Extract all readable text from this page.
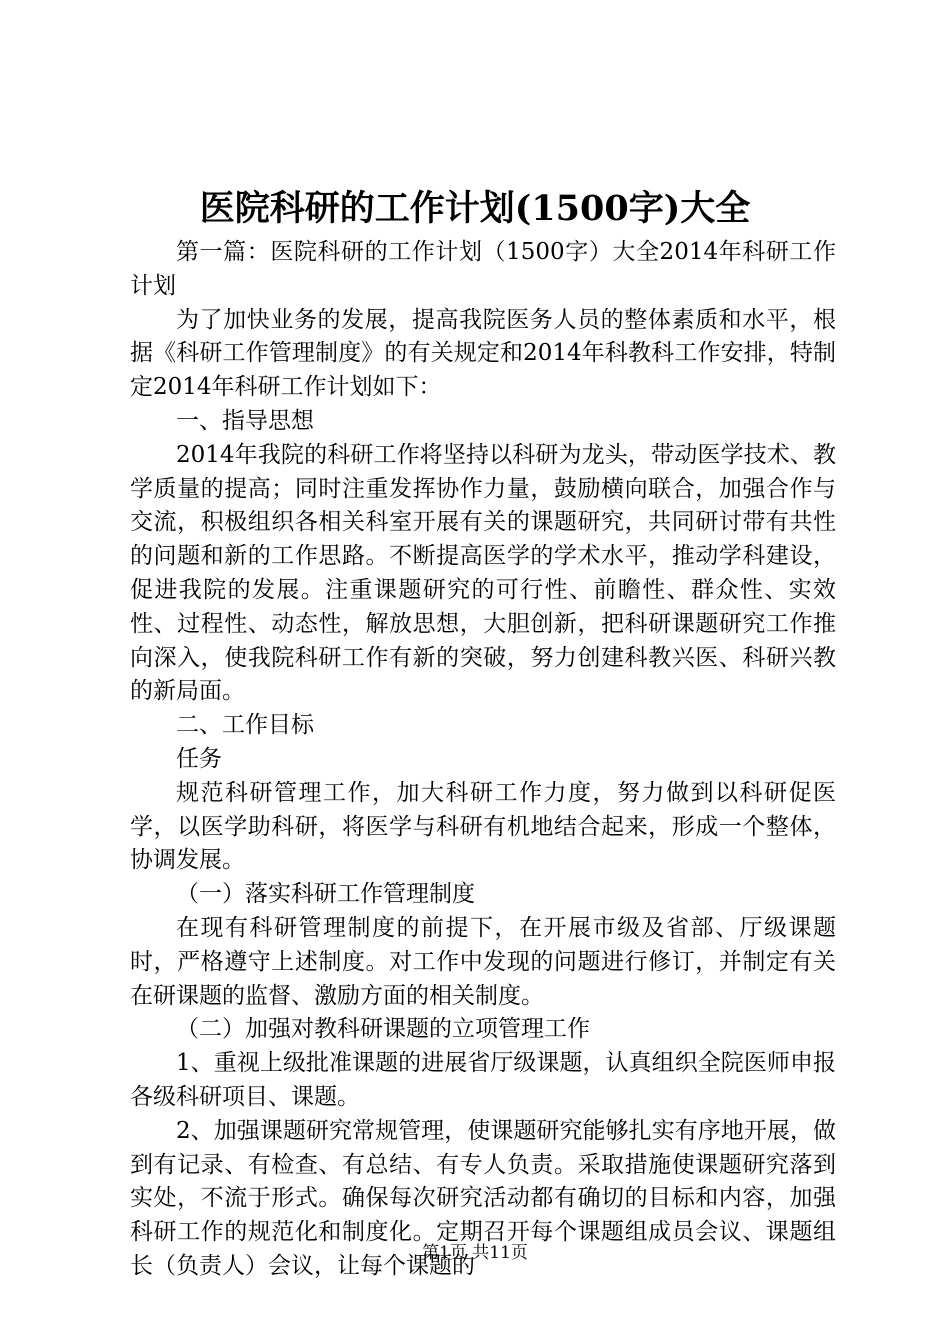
医院科研的工作计划(1500字)大全

第一篇：医院科研的工作计划（1500字）大全2014年科研工作计划

为了加快业务的发展，提高我院医务人员的整体素质和水平，根据《科研工作管理制度》的有关规定和2014年科教科工作安排，特制定2014年科研工作计划如下：

一、指导思想

2014年我院的科研工作将坚持以科研为龙头，带动医学技术、教学质量的提高；同时注重发挥协作力量，鼓励横向联合，加强合作与交流，积极组织各相关科室开展有关的课题研究，共同研讨带有共性的问题和新的工作思路。不断提高医学的学术水平，推动学科建设，促进我院的发展。注重课题研究的可行性、前瞻性、群众性、实效性、过程性、动态性，解放思想，大胆创新，把科研课题研究工作推向深入，使我院科研工作有新的突破，努力创建科教兴医、科研兴教的新局面。

二、工作目标

任务

规范科研管理工作，加大科研工作力度，努力做到以科研促医学，以医学助科研，将医学与科研有机地结合起来，形成一个整体，协调发展。

（一）落实科研工作管理制度

在现有科研管理制度的前提下，在开展市级及省部、厅级课题时，严格遵守上述制度。对工作中发现的问题进行修订，并制定有关在研课题的监督、激励方面的相关制度。

（二）加强对教科研课题的立项管理工作

1、重视上级批准课题的进展省厅级课题，认真组织全院医师申报各级科研项目、课题。

2、加强课题研究常规管理，使课题研究能够扎实有序地开展，做到有记录、有检查、有总结、有专人负责。采取措施使课题研究落到实处，不流于形式。确保每次研究活动都有确切的目标和内容，加强科研工作的规范化和制度化。定期召开每个课题组成员会议、课题组长（负责人）会议，让每个课题的

第1页 共11页
